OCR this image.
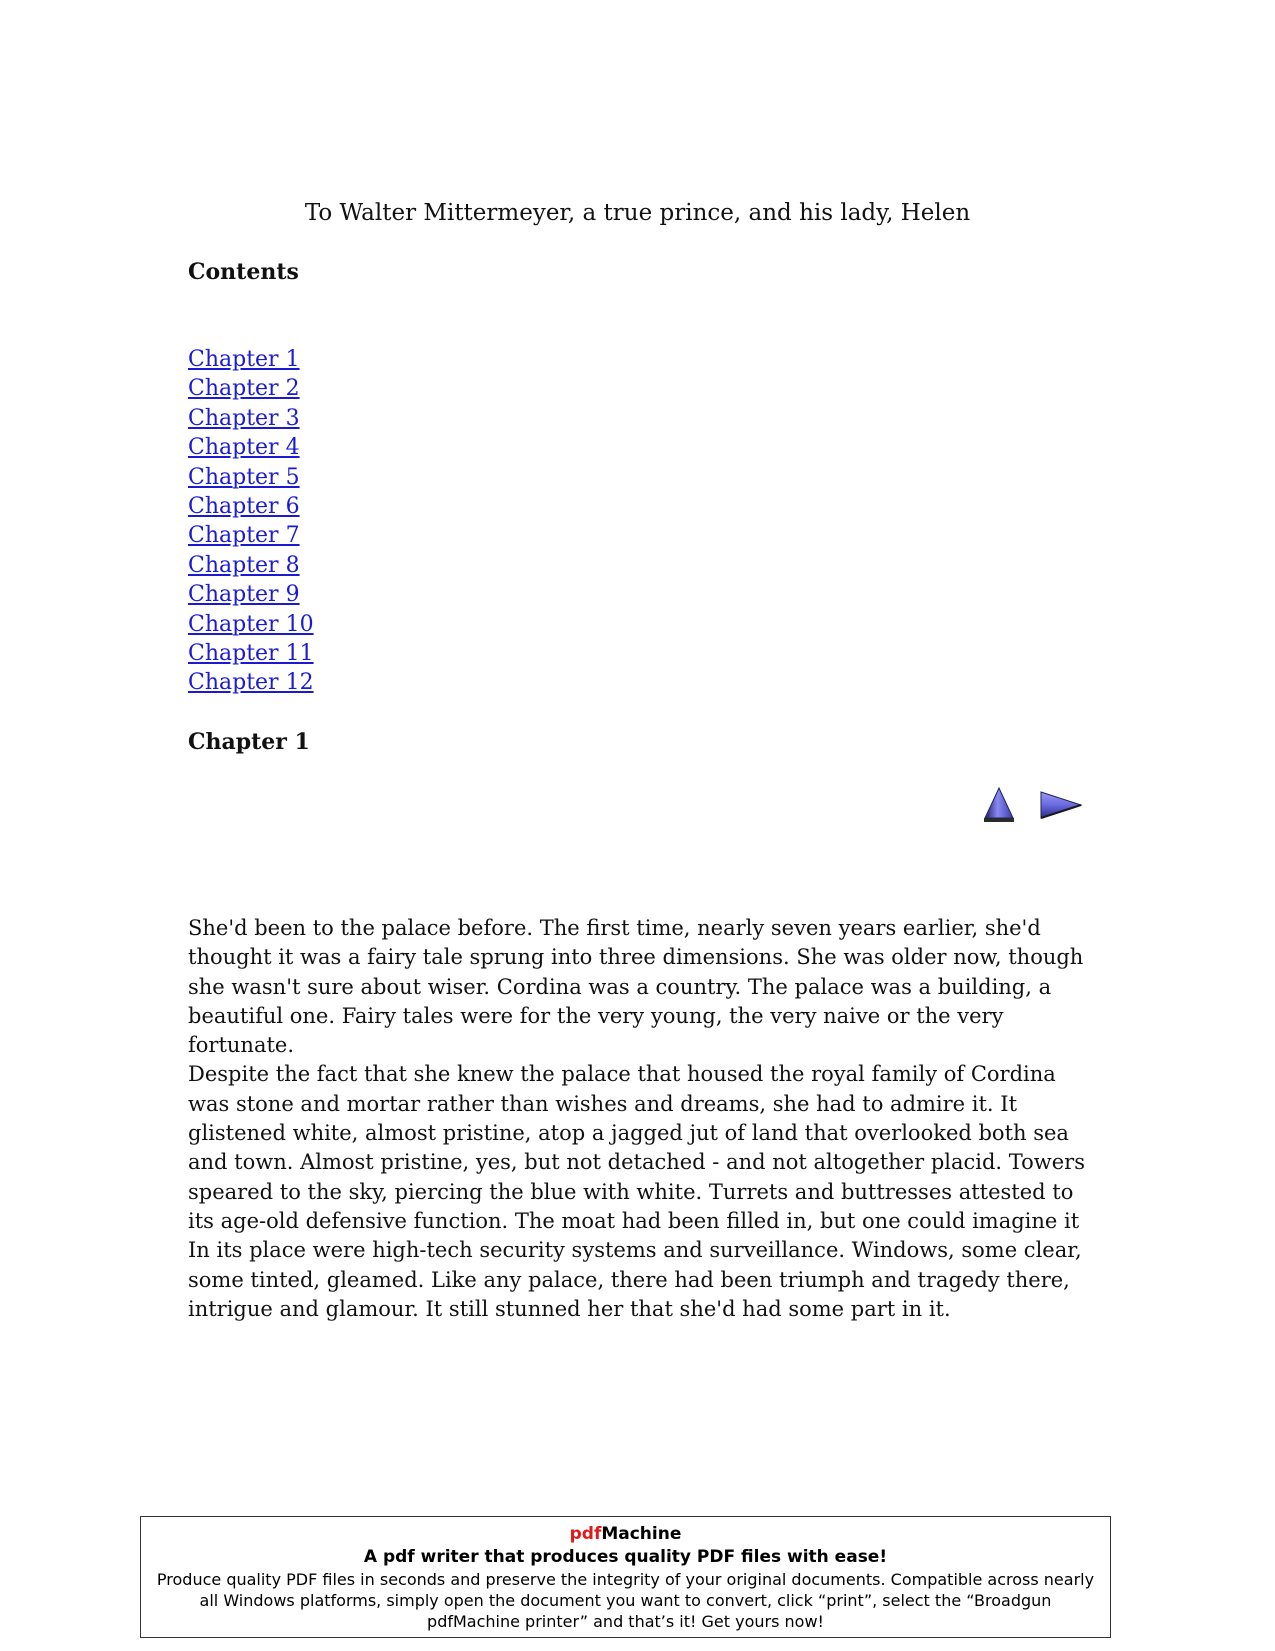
To Walter Mittermeyer, a true prince, and his lady, Helen
Contents
Chapter 1
Chapter 2
Chapter 3
Chapter 4
Chapter 5
Chapter 6
Chapter 7
Chapter 8
Chapter 9
Chapter 10
Chapter 11
Chapter 12
Chapter 1

She'd been to the palace before. The first time, nearly seven years earlier, she'd thought it was a fairy tale sprung into three dimensions. She was older now, though she wasn't sure about wiser. Cordina was a country. The palace was a building, a beautiful one. Fairy tales were for the very young, the very naive or the very fortunate.

Despite the fact that she knew the palace that housed the royal family of Cordina was stone and mortar rather than wishes and dreams, she had to admire it. It glistened white, almost pristine, atop a jagged jut of land that overlooked both sea and town. Almost pristine, yes, but not detached - and not altogether placid. Towers speared to the sky, piercing the blue with white. Turrets and buttresses attested to its age-old defensive function. The moat had been filled in, but one could imagine it In its place were high-tech security systems and surveillance. Windows, some clear, some tinted, gleamed. Like any palace, there had been triumph and tragedy there, intrigue and glamour. It still stunned her that she'd had some part in it.

pdfMachine
A pdf writer that produces quality PDF files with ease!
Produce quality PDF files in seconds and preserve the integrity of your original documents. Compatible across nearly all Windows platforms, simply open the document you want to convert, click “print”, select the “Broadgun pdfMachine printer” and that’s it! Get yours now!
